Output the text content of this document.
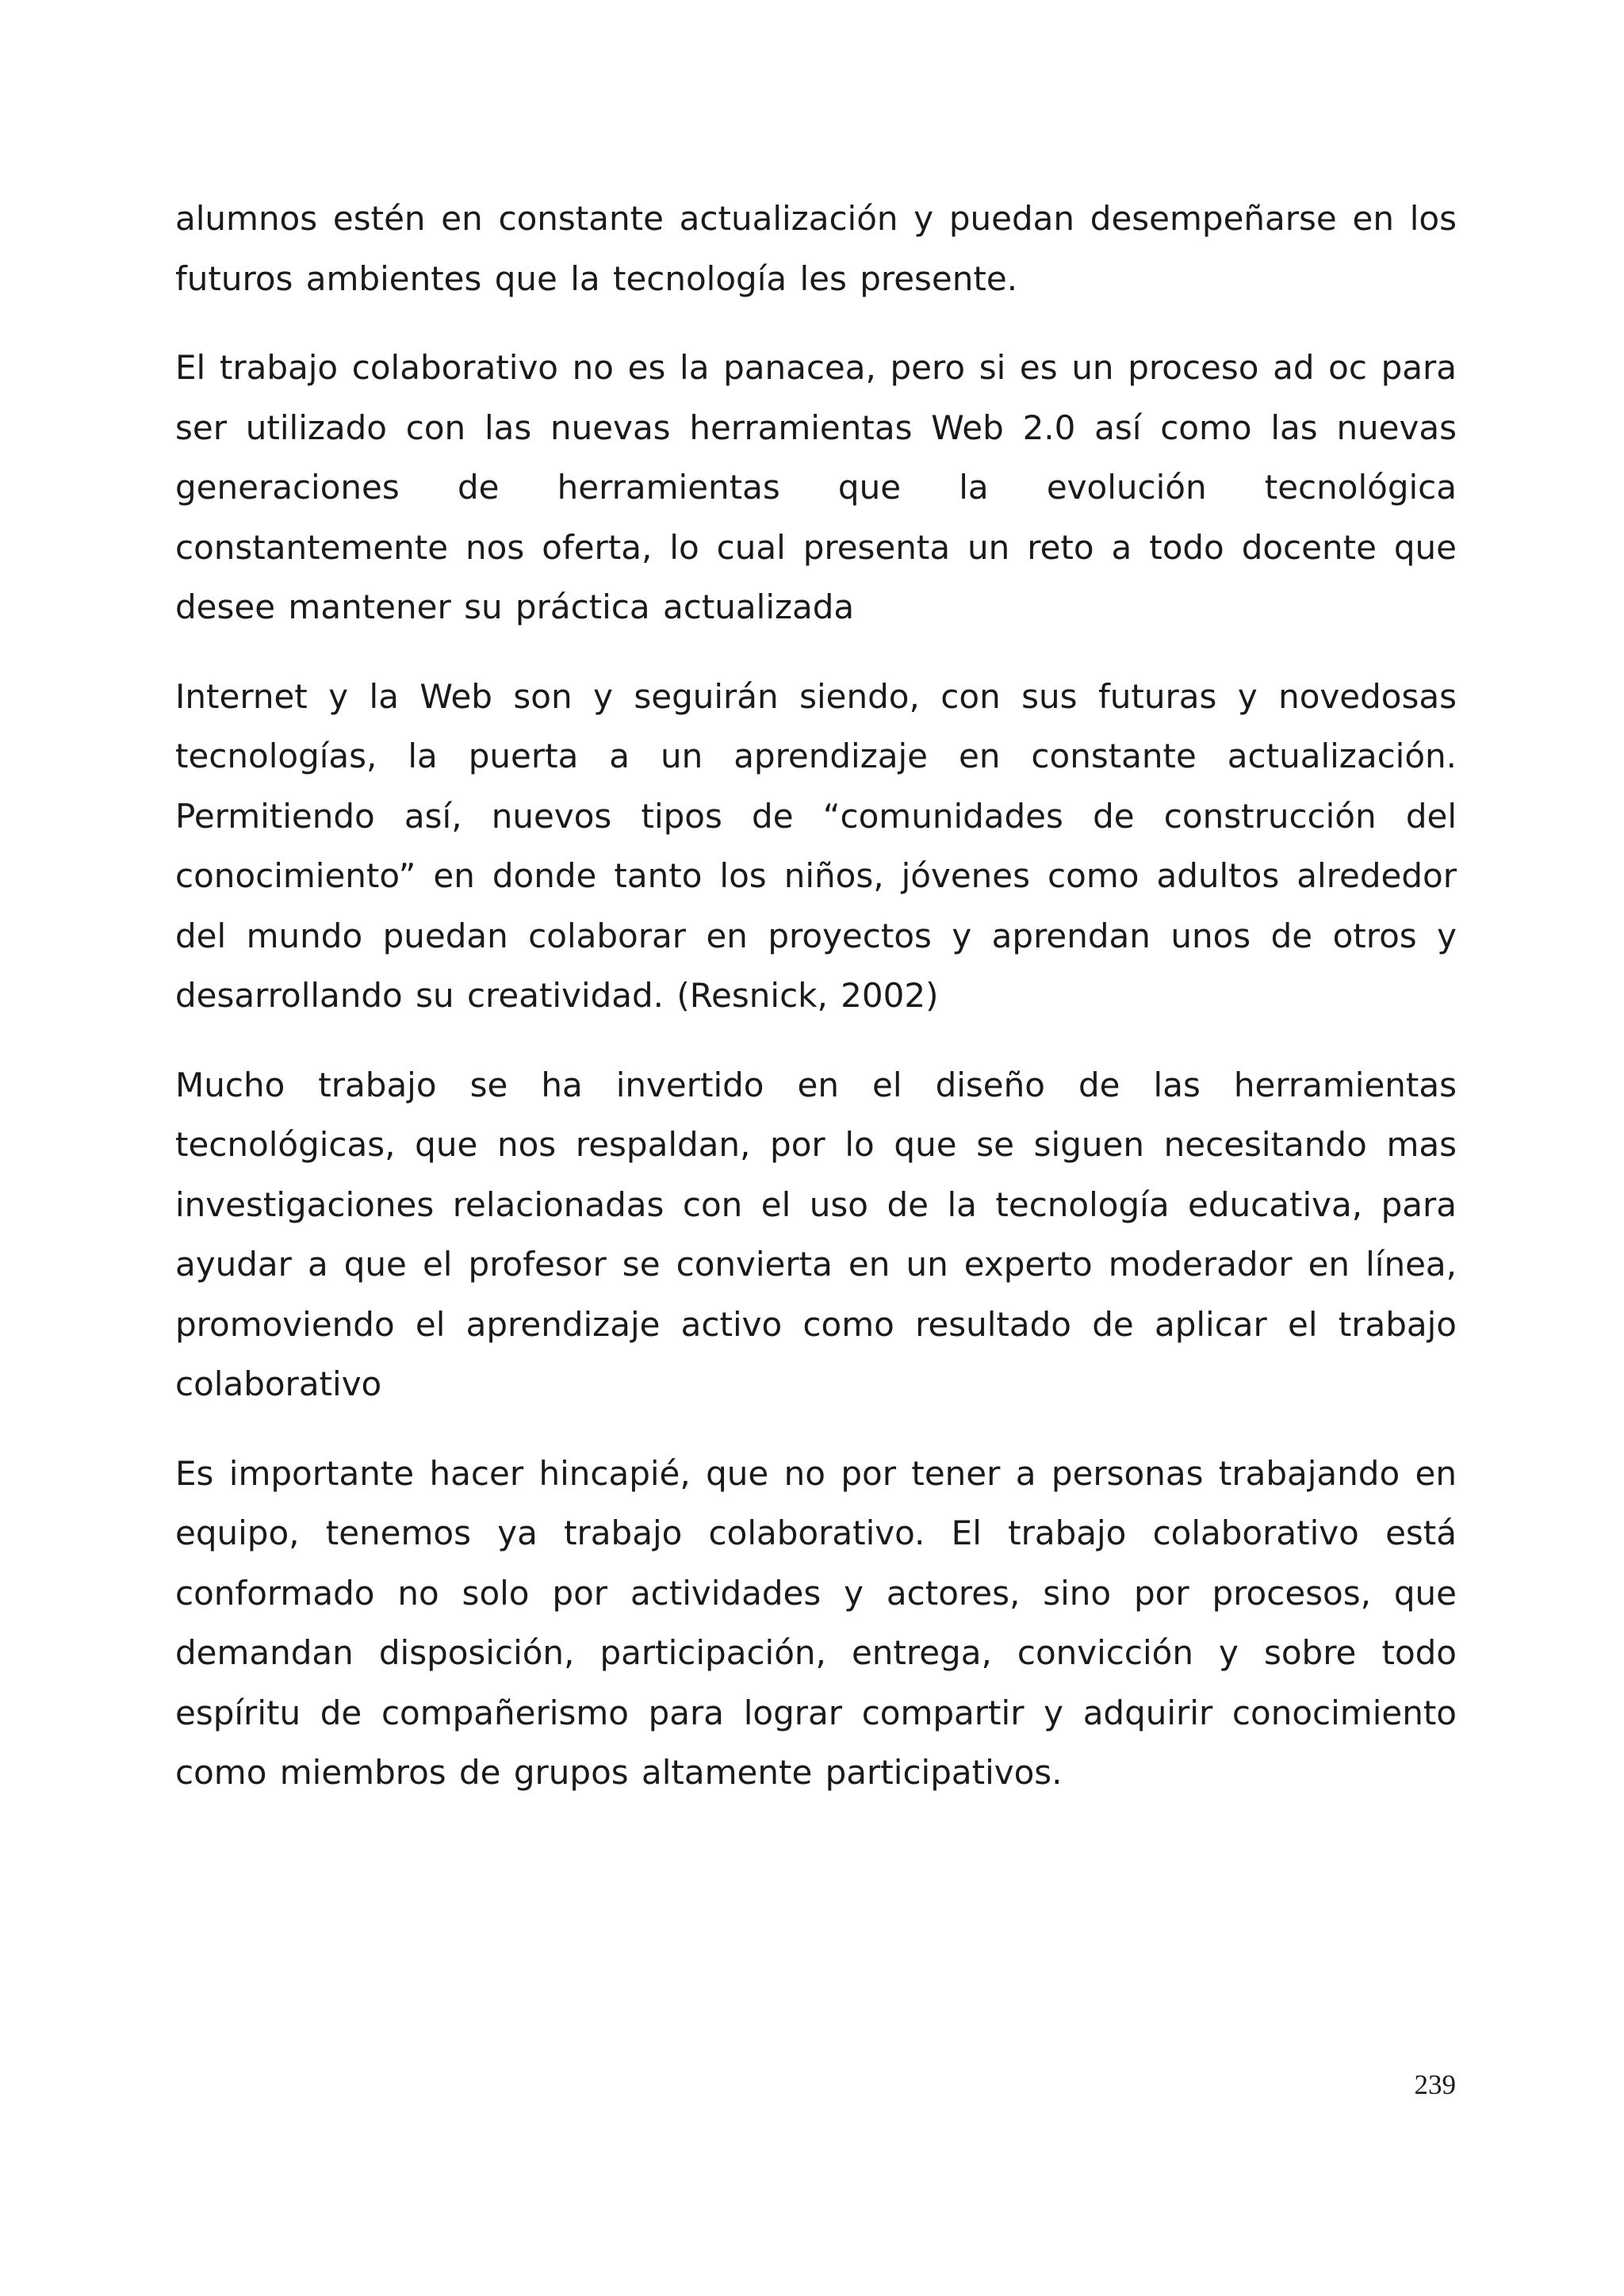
alumnos estén en constante actualización y puedan desempeñarse en los futuros ambientes que la tecnología les presente.

El trabajo colaborativo no es la panacea, pero si es un proceso ad oc para ser utilizado con las nuevas herramientas Web 2.0 así como las nuevas generaciones de herramientas que la evolución tecnológica constantemente nos oferta, lo cual presenta un reto a todo docente que desee mantener su práctica actualizada

Internet y la Web son y seguirán siendo, con sus futuras y novedosas tecnologías, la puerta a un aprendizaje en constante actualización. Permitiendo así, nuevos tipos de “comunidades de construcción del conocimiento” en donde tanto los niños, jóvenes como adultos alrededor del mundo puedan colaborar en proyectos y aprendan unos de otros y desarrollando su creatividad. (Resnick, 2002)

Mucho trabajo se ha invertido en el diseño de las herramientas tecnológicas, que nos respaldan, por lo que se siguen necesitando mas investigaciones relacionadas con el uso de la tecnología educativa, para ayudar a que el profesor se convierta en un experto moderador en línea, promoviendo el aprendizaje activo como resultado de aplicar el trabajo colaborativo

Es importante hacer hincapié, que no por tener a personas trabajando en equipo, tenemos ya trabajo colaborativo. El trabajo colaborativo está conformado no solo por actividades y actores, sino por procesos, que demandan disposición, participación, entrega, convicción y sobre todo espíritu de compañerismo para lograr compartir y adquirir conocimiento como miembros de grupos altamente participativos.

239
